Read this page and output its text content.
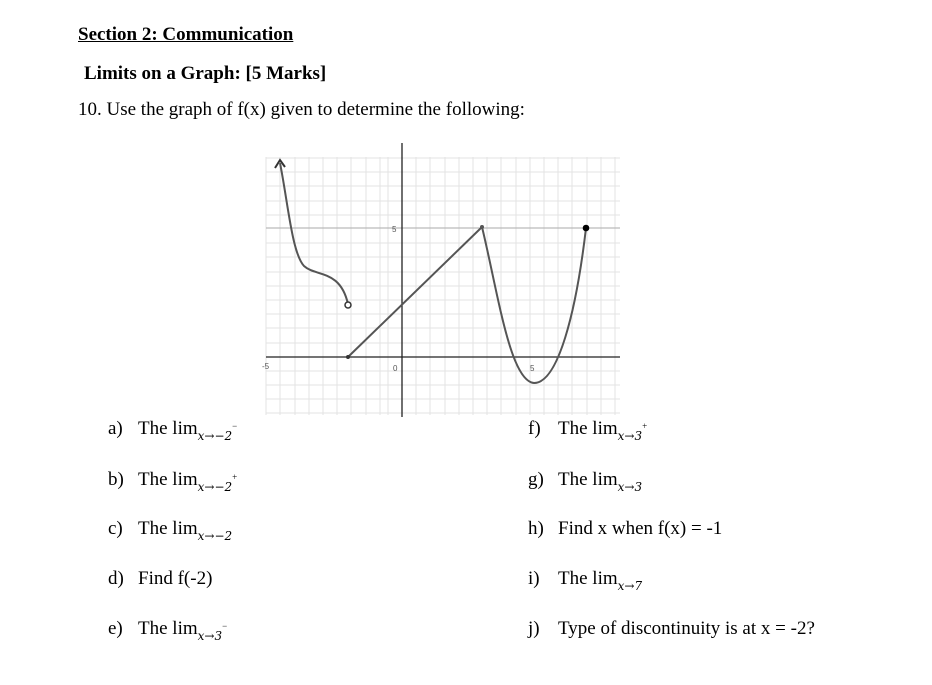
Section 2: Communication
Limits on a Graph: [5 Marks]
10. Use the graph of f(x) given to determine the following:
-5	0	5
5
a) The $\lim_{x\to-2}^-$
b) The $\lim_{x\to-2}^+$
c) The $\lim_{x\to-2}$
d) Find f(-2)
e) The $\lim_{x\to 3}^-$
f) The $\lim_{x\to 3}^+$
g) The $\lim_{x\to 3}$
h) Find x when f(x) = -1
i) The $\lim_{x\to 7}$
j) Type of discontinuity is at x = -2?
